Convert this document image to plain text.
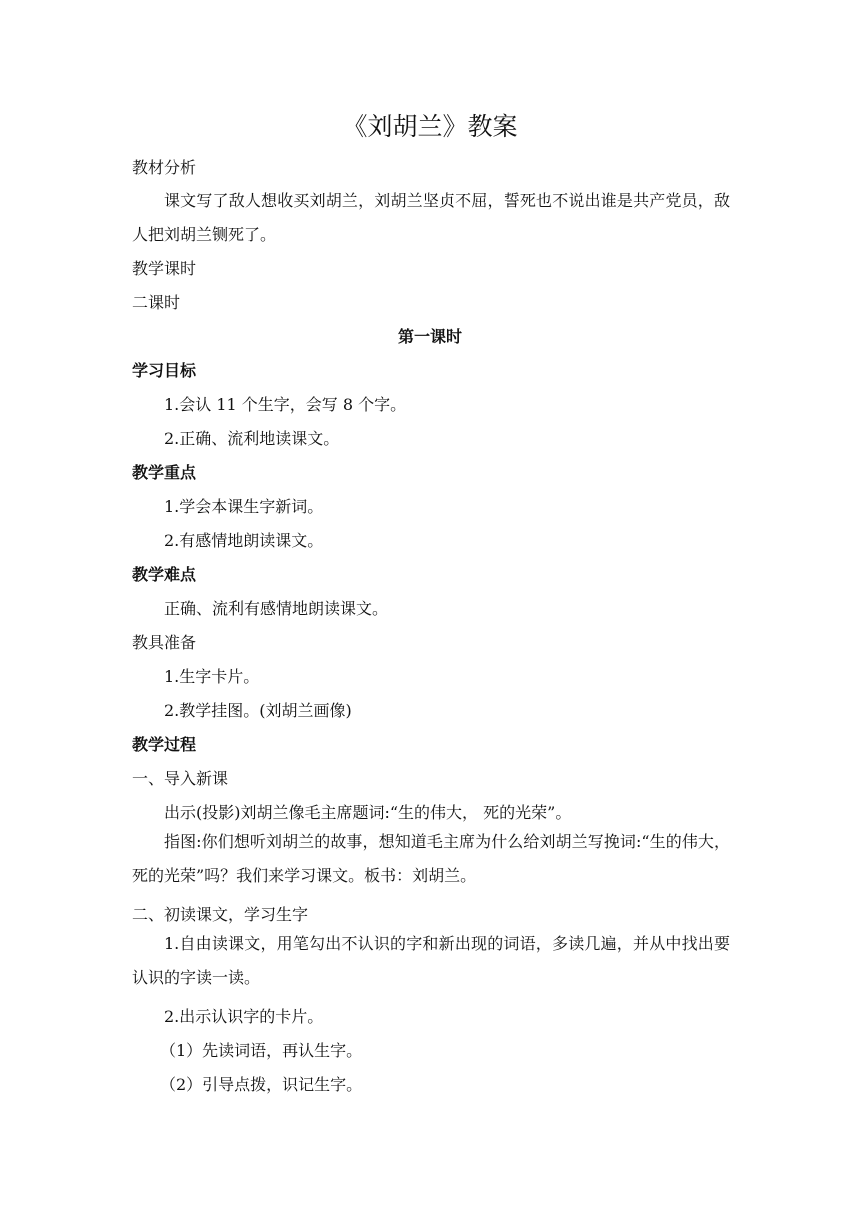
《刘胡兰》教案
教材分析
课文写了敌人想收买刘胡兰，刘胡兰坚贞不屈，誓死也不说出谁是共产党员，敌人把刘胡兰铡死了。
教学课时
二课时
第一课时
学习目标
1.会认 11 个生字，会写 8 个字。
2.正确、流利地读课文。
教学重点
1.学会本课生字新词。
2.有感情地朗读课文。
教学难点
正确、流利有感情地朗读课文。
教具准备
1.生字卡片。
2.教学挂图。(刘胡兰画像)
教学过程
一、导入新课
出示(投影)刘胡兰像毛主席题词:“生的伟大， 死的光荣”。
指图:你们想听刘胡兰的故事，想知道毛主席为什么给刘胡兰写挽词:“生的伟大， 死的光荣”吗？我们来学习课文。板书：刘胡兰。
二、初读课文，学习生字
1.自由读课文，用笔勾出不认识的字和新出现的词语，多读几遍，并从中找出要认识的字读一读。
2.出示认识字的卡片。
（1）先读词语，再认生字。
（2）引导点拨，识记生字。
